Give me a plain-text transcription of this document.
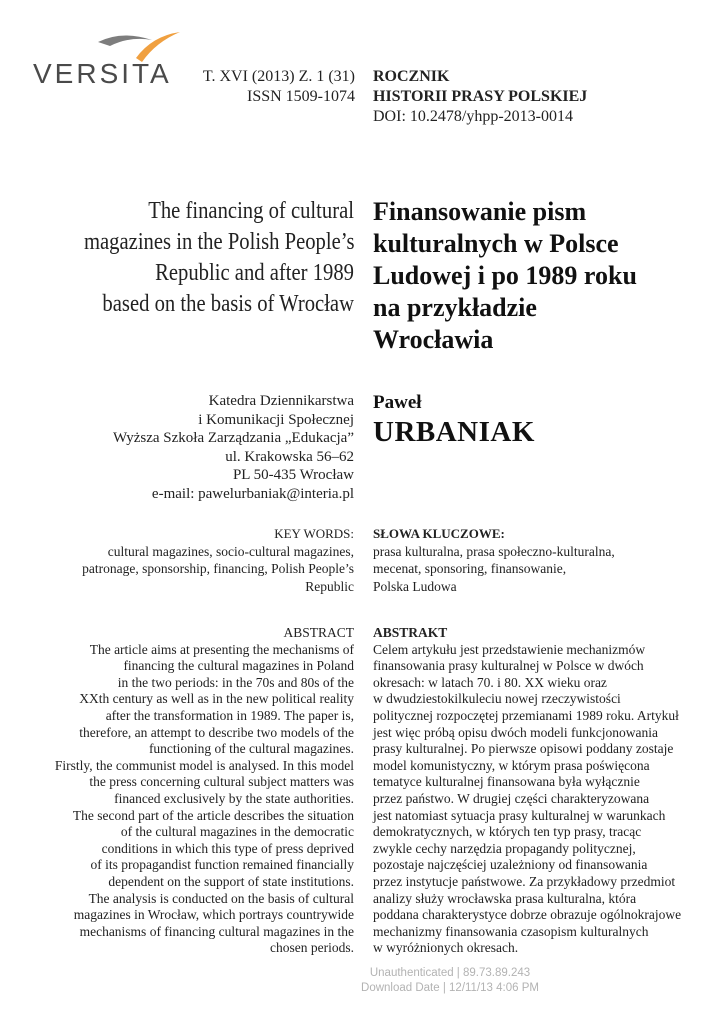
VERSITA T. XVI (2013) Z. 1 (31)
ISSN 1509-1074
ROCZNIK
HISTORII PRASY POLSKIEJ
DOI: 10.2478/yhpp-2013-0014
The financing of cultural
magazines in the Polish People’s
Republic and after 1989
based on the basis of Wrocław
Finansowanie pism
kulturalnych w Polsce
Ludowej i po 1989 roku
na przykładzie
Wrocławia
Katedra Dziennikarstwa
i Komunikacji Społecznej
Wyższa Szkoła Zarządzania „Edukacja”
ul. Krakowska 56–62
PL 50-435 Wrocław
e-mail: pawelurbaniak@interia.pl
Paweł
URBANIAK
KEY WORDS:
cultural magazines, socio-cultural magazines,
patronage, sponsorship, financing, Polish People’s
Republic
SŁOWA KLUCZOWE:
prasa kulturalna, prasa społeczno-kulturalna,
mecenat, sponsoring, finansowanie,
Polska Ludowa
ABSTRACT
The article aims at presenting the mechanisms of
financing the cultural magazines in Poland
in the two periods: in the 70s and 80s of the
XXth century as well as in the new political reality
after the transformation in 1989. The paper is,
therefore, an attempt to describe two models of the
functioning of the cultural magazines.
Firstly, the communist model is analysed. In this model
the press concerning cultural subject matters was
financed exclusively by the state authorities.
The second part of the article describes the situation
of the cultural magazines in the democratic
conditions in which this type of press deprived
of its propagandist function remained financially
dependent on the support of state institutions.
The analysis is conducted on the basis of cultural
magazines in Wrocław, which portrays countrywide
mechanisms of financing cultural magazines in the
chosen periods.
ABSTRAKT
Celem artykułu jest przedstawienie mechanizmów
finansowania prasy kulturalnej w Polsce w dwóch
okresach: w latach 70. i 80. XX wieku oraz
w dwudziestokilkuleciu nowej rzeczywistości
politycznej rozpoczętej przemianami 1989 roku. Artykuł
jest więc próbą opisu dwóch modeli funkcjonowania
prasy kulturalnej. Po pierwsze opisowi poddany zostaje
model komunistyczny, w którym prasa poświęcona
tematyce kulturalnej finansowana była wyłącznie
przez państwo. W drugiej części charakteryzowana
jest natomiast sytuacja prasy kulturalnej w warunkach
demokratycznych, w których ten typ prasy, tracąc
zwykle cechy narzędzia propagandy politycznej,
pozostaje najczęściej uzależniony od finansowania
przez instytucje państwowe. Za przykładowy przedmiot
analizy służy wrocławska prasa kulturalna, która
poddana charakterystyce dobrze obrazuje ogólnokrajowe
mechanizmy finansowania czasopism kulturalnych
w wyróżnionych okresach.
Unauthenticated | 89.73.89.243
Download Date | 12/11/13 4:06 PM
